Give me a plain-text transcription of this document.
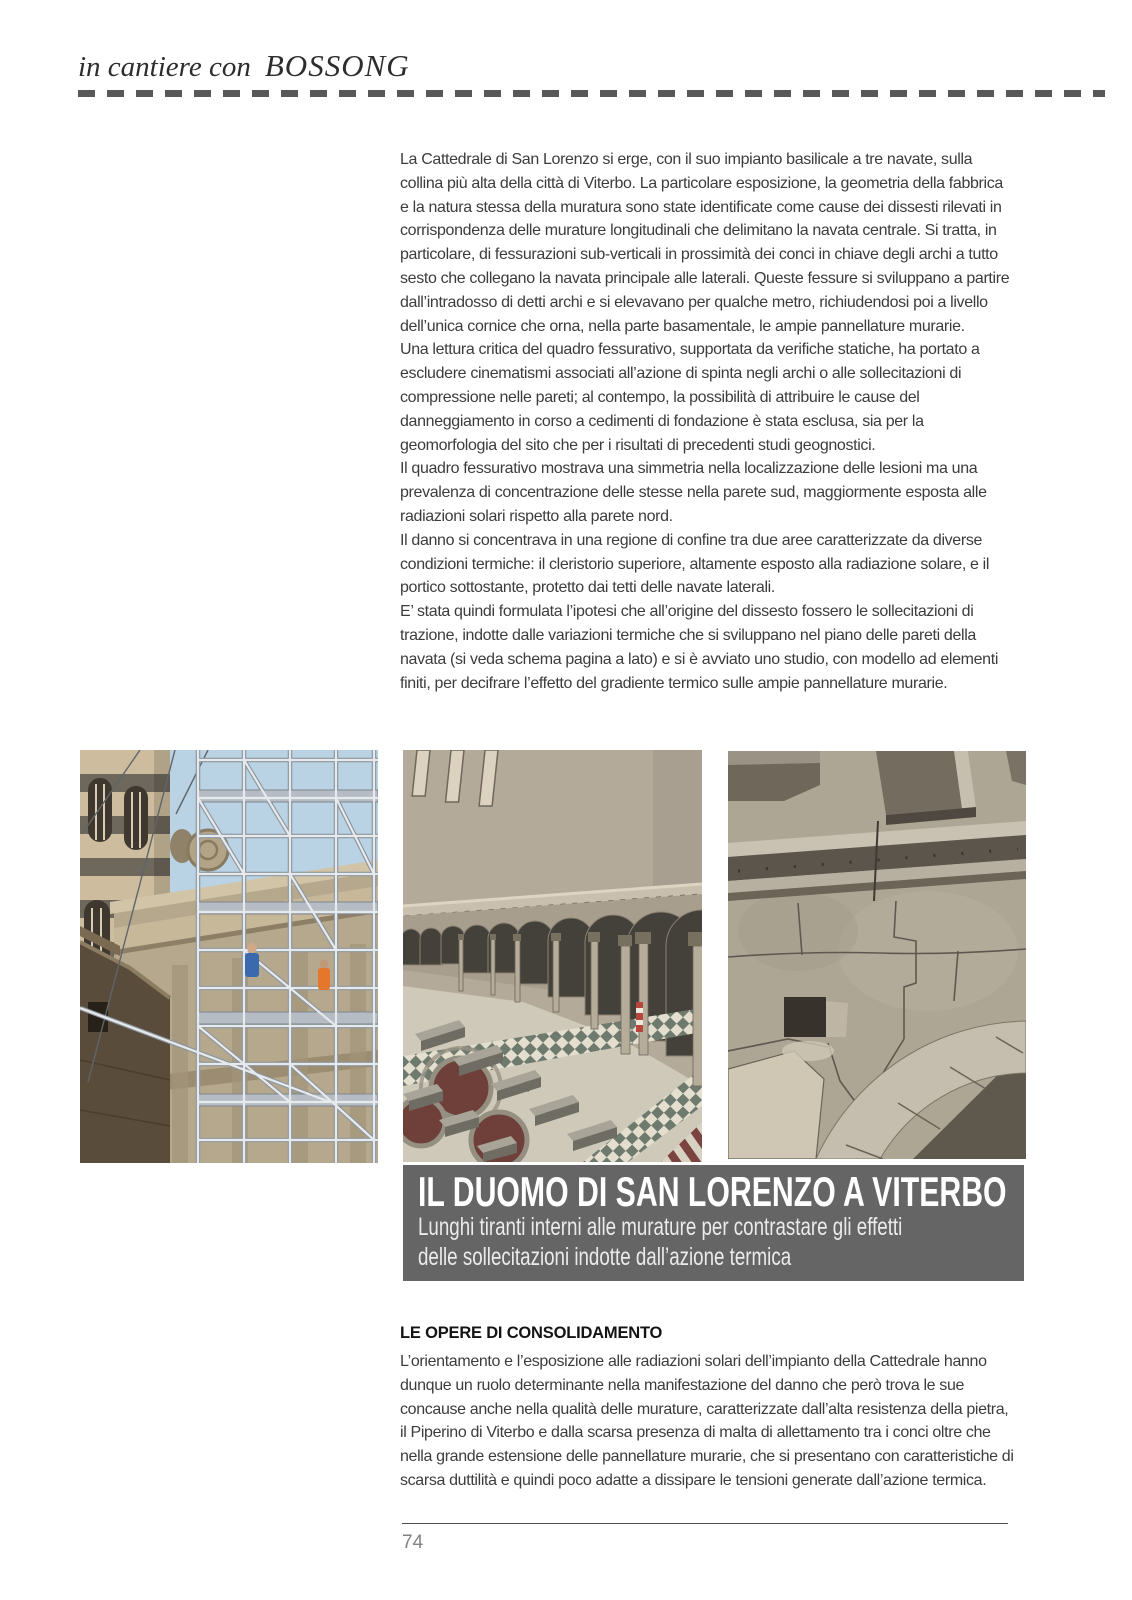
in cantiere con BOSSONG

La Cattedrale di San Lorenzo si erge, con il suo impianto basilicale a tre navate, sulla collina più alta della città di Viterbo. La particolare esposizione, la geometria della fabbrica e la natura stessa della muratura sono state identificate come cause dei dissesti rilevati in corrispondenza delle murature longitudinali che delimitano la navata centrale. Si tratta, in particolare, di fessurazioni sub-verticali in prossimità dei conci in chiave degli archi a tutto sesto che collegano la navata principale alle laterali. Queste fessure si sviluppano a partire dall’intradosso di detti archi e si elevavano per qualche metro, richiudendosi poi a livello dell’unica cornice che orna, nella parte basamentale, le ampie pannellature murarie.

Una lettura critica del quadro fessurativo, supportata da verifiche statiche, ha portato a escludere cinematismi associati all’azione di spinta negli archi o alle sollecitazioni di compressione nelle pareti; al contempo, la possibilità di attribuire le cause del danneggiamento in corso a cedimenti di fondazione è stata esclusa, sia per la geomorfologia del sito che per i risultati di precedenti studi geognostici.

Il quadro fessurativo mostrava una simmetria nella localizzazione delle lesioni ma una prevalenza di concentrazione delle stesse nella parete sud, maggiormente esposta alle radiazioni solari rispetto alla parete nord.

Il danno si concentrava in una regione di confine tra due aree caratterizzate da diverse condizioni termiche: il cleristorio superiore, altamente esposto alla radiazione solare, e il portico sottostante, protetto dai tetti delle navate laterali.

E’ stata quindi formulata l’ipotesi che all’origine del dissesto fossero le sollecitazioni di trazione, indotte dalle variazioni termiche che si sviluppano nel piano delle pareti della navata (si veda schema pagina a lato) e si è avviato uno studio, con modello ad elementi finiti, per decifrare l’effetto del gradiente termico sulle ampie pannellature murarie.

IL DUOMO DI SAN LORENZO A VITERBO
Lunghi tiranti interni alle murature per contrastare gli effetti
delle sollecitazioni indotte dall’azione termica
LE OPERE DI CONSOLIDAMENTO

L’orientamento e l’esposizione alle radiazioni solari dell’impianto della Cattedrale hanno dunque un ruolo determinante nella manifestazione del danno che però trova le sue concause anche nella qualità delle murature, caratterizzate dall’alta resistenza della pietra, il Piperino di Viterbo e dalla scarsa presenza di malta di allettamento tra i conci oltre che nella grande estensione delle pannellature murarie, che si presentano con caratteristiche di scarsa duttilità e quindi poco adatte a dissipare le tensioni generate dall’azione termica.

74
